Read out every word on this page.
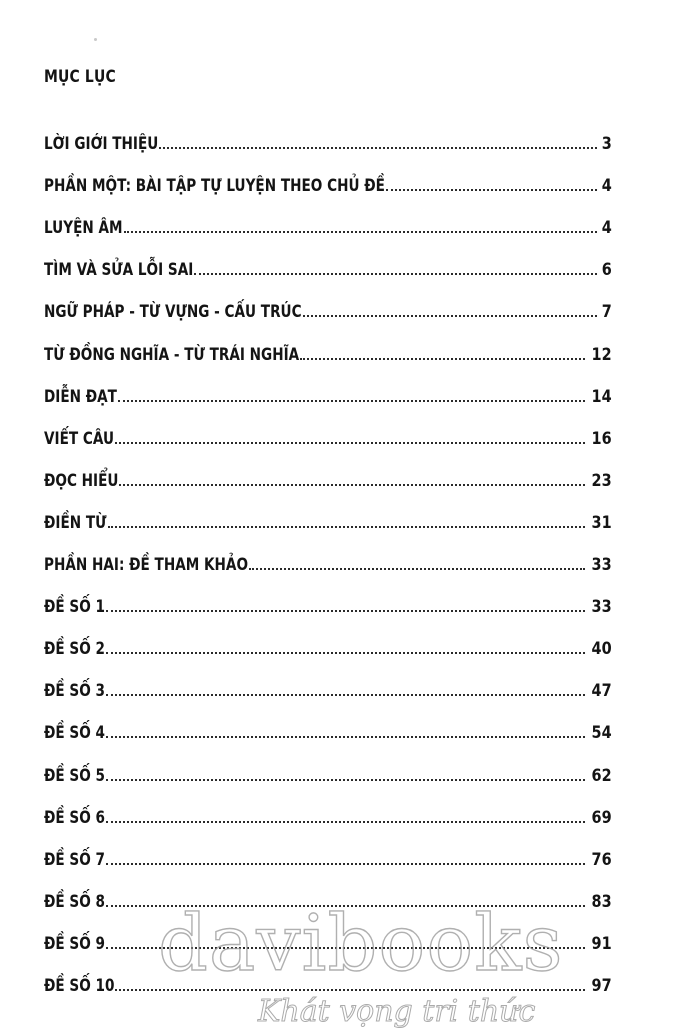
MỤC LỤC
LỜI GIỚI THIỆU	3
PHẦN MỘT: BÀI TẬP TỰ LUYỆN THEO CHỦ ĐỀ	4
LUYỆN ÂM	4
TÌM VÀ SỬA LỖI SAI	6
NGỮ PHÁP - TỪ VỰNG - CẤU TRÚC	7
TỪ ĐỒNG NGHĨA - TỪ TRÁI NGHĨA	12
DIỄN ĐẠT	14
VIẾT CÂU	16
ĐỌC HIỂU	23
ĐIỀN TỪ	31
PHẦN HAI: ĐỀ THAM KHẢO	33
ĐỀ SỐ 1	33
ĐỀ SỐ 2	40
ĐỀ SỐ 3	47
ĐỀ SỐ 4	54
ĐỀ SỐ 5	62
ĐỀ SỐ 6	69
ĐỀ SỐ 7	76
ĐỀ SỐ 8	83
ĐỀ SỐ 9	91
ĐỀ SỐ 10	97
davibooks
Khát vọng tri thức
